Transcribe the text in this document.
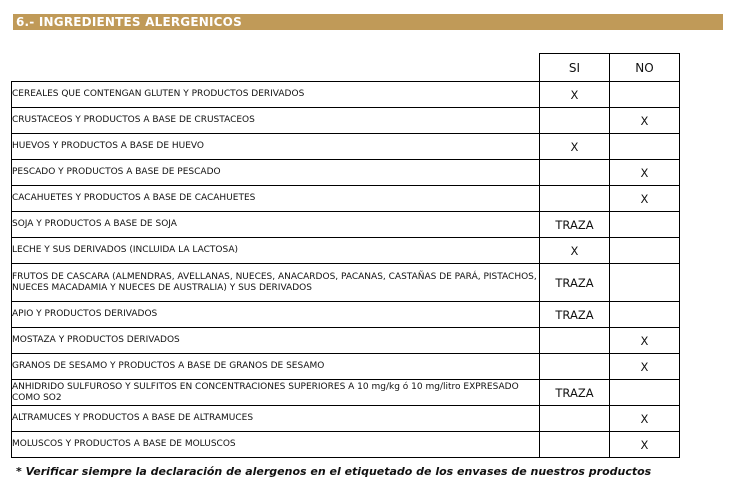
6.- INGREDIENTES ALERGENICOS
	SI	NO
CEREALES QUE CONTENGAN GLUTEN Y PRODUCTOS DERIVADOS	X	
CRUSTACEOS Y PRODUCTOS A BASE DE CRUSTACEOS		X
HUEVOS Y PRODUCTOS A BASE DE HUEVO	X	
PESCADO Y PRODUCTOS A BASE DE PESCADO		X
CACAHUETES Y PRODUCTOS A BASE DE CACAHUETES		X
SOJA Y PRODUCTOS A BASE DE SOJA	TRAZA	
LECHE Y SUS DERIVADOS (INCLUIDA LA LACTOSA)	X	
FRUTOS DE CASCARA (ALMENDRAS, AVELLANAS, NUECES, ANACARDOS, PACANAS, CASTAÑAS DE PARÁ, PISTACHOS, NUECES MACADAMIA Y NUECES DE AUSTRALIA) Y SUS DERIVADOS	TRAZA	
APIO Y PRODUCTOS DERIVADOS	TRAZA	
MOSTAZA Y PRODUCTOS DERIVADOS		X
GRANOS DE SESAMO Y PRODUCTOS A BASE DE GRANOS DE SESAMO		X
ANHIDRIDO SULFUROSO Y SULFITOS EN CONCENTRACIONES SUPERIORES A 10 mg/kg ó 10 mg/litro EXPRESADO COMO SO2	TRAZA	
ALTRAMUCES Y PRODUCTOS A BASE DE ALTRAMUCES		X
MOLUSCOS Y PRODUCTOS A BASE DE MOLUSCOS		X
* Verificar siempre la declaración de alergenos en el etiquetado de los envases de nuestros productos
